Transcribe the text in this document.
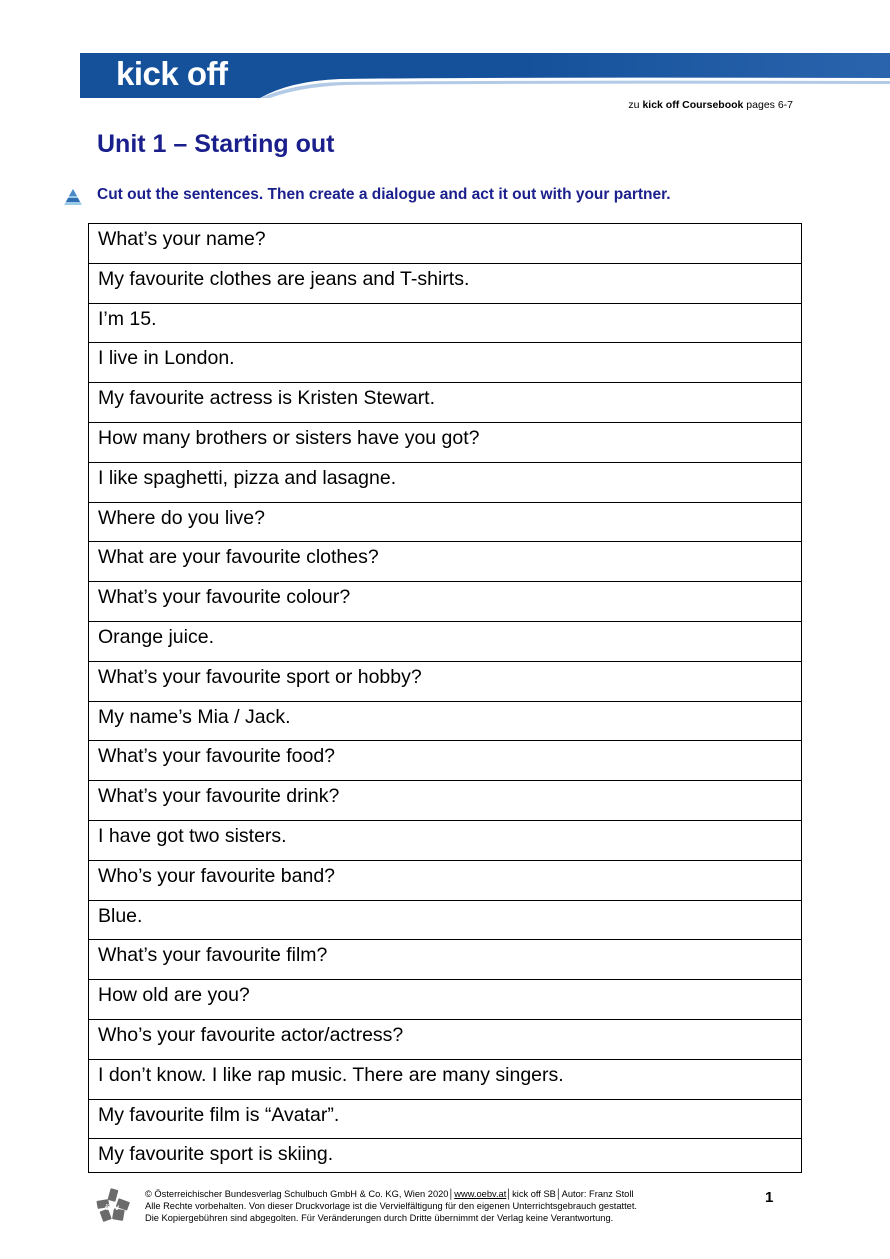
kick off
zu kick off Coursebook pages 6-7
Unit 1 – Starting out
Cut out the sentences. Then create a dialogue and act it out with your partner.
What’s your name?
My favourite clothes are jeans and T-shirts.
I’m 15.
I live in London.
My favourite actress is Kristen Stewart.
How many brothers or sisters have you got?
I like spaghetti, pizza and lasagne.
Where do you live?
What are your favourite clothes?
What’s your favourite colour?
Orange juice.
What’s your favourite sport or hobby?
My name’s Mia / Jack.
What’s your favourite food?
What’s your favourite drink?
I have got two sisters.
Who’s your favourite band?
Blue.
What’s your favourite film?
How old are you?
Who’s your favourite actor/actress?
I don’t know. I like rap music. There are many singers.
My favourite film is “Avatar”.
My favourite sport is skiing.
öbv
© Österreichischer Bundesverlag Schulbuch GmbH & Co. KG, Wien 2020│www.oebv.at│kick off SB│Autor: Franz Stoll
Alle Rechte vorbehalten. Von dieser Druckvorlage ist die Vervielfältigung für den eigenen Unterrichtsgebrauch gestattet.
Die Kopiergebühren sind abgegolten. Für Veränderungen durch Dritte übernimmt der Verlag keine Verantwortung.
1
